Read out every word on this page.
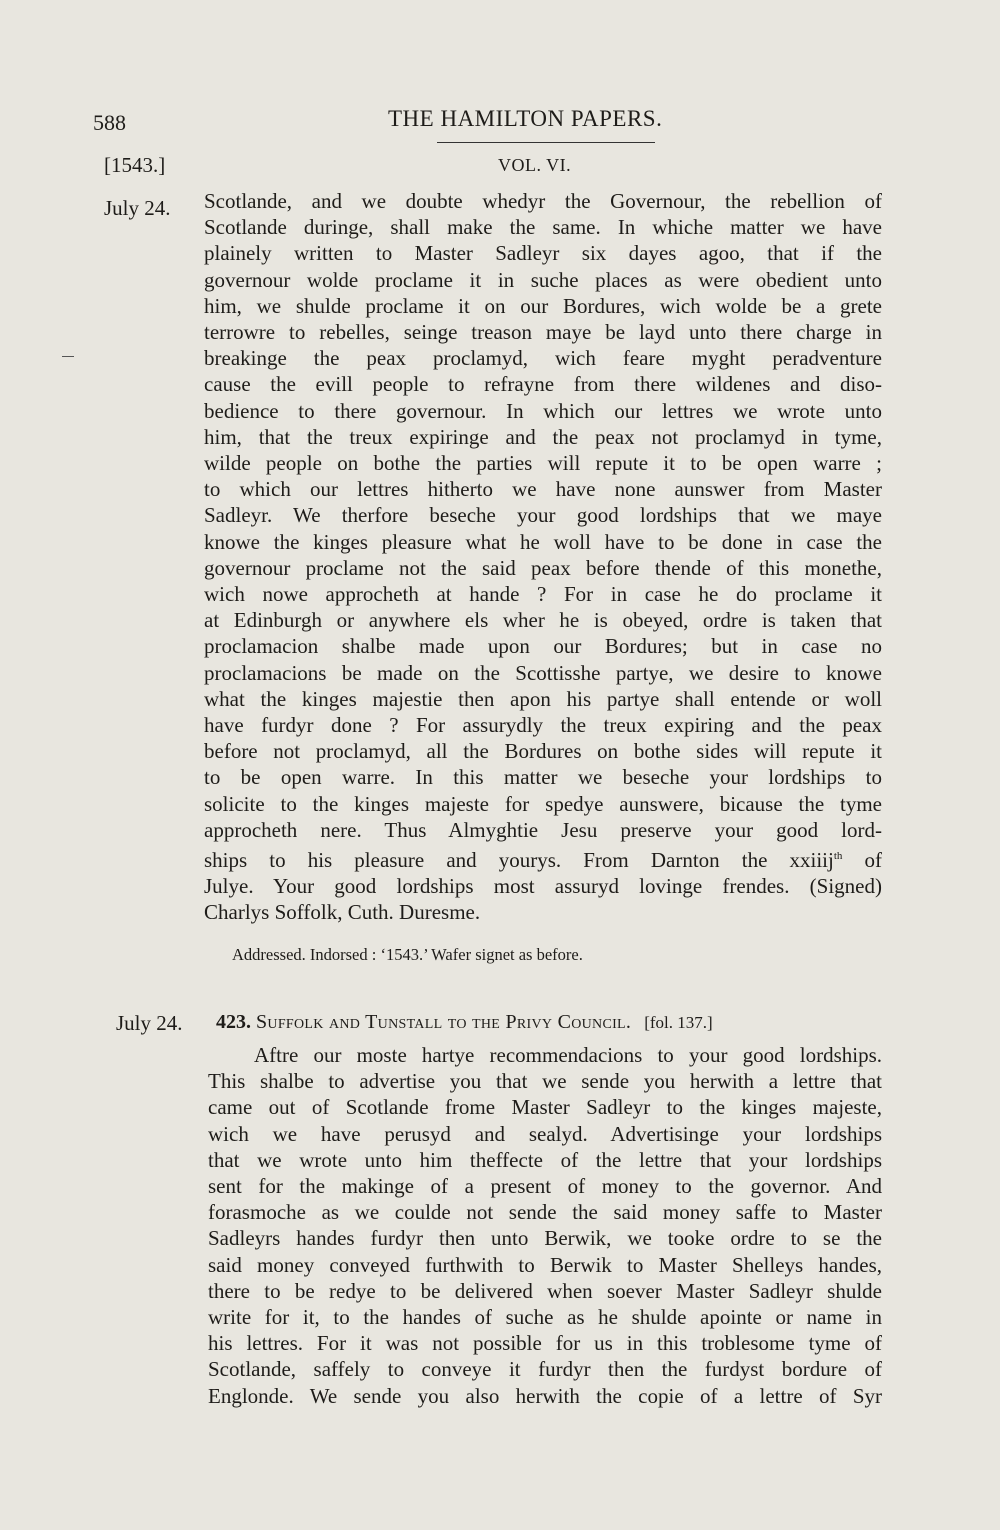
588	THE HAMILTON PAPERS.
[1543.]	VOL. VI.
July 24. Scotlande, and we doubte whedyr the Governour, the rebellion of
Scotlande duringe, shall make the same. In whiche matter we have
plainely written to Master Sadleyr six dayes agoo, that if the
governour wolde proclame it in suche places as were obedient unto
him, we shulde proclame it on our Bordures, wich wolde be a grete
terrowre to rebelles, seinge treason maye be layd unto there charge in
breakinge the peax proclamyd, wich feare myght peradventure
cause the evill people to refrayne from there wildenes and diso-
bedience to there governour. In which our lettres we wrote unto
him, that the treux expiringe and the peax not proclamyd in tyme,
wilde people on bothe the parties will repute it to be open warre ;
to which our lettres hitherto we have none aunswer from Master
Sadleyr. We therfore beseche your good lordships that we maye
knowe the kinges pleasure what he woll have to be done in case the
governour proclame not the said peax before thende of this monethe,
wich nowe approcheth at hande ? For in case he do proclame it
at Edinburgh or anywhere els wher he is obeyed, ordre is taken that
proclamacion shalbe made upon our Bordures; but in case no
proclamacions be made on the Scottisshe partye, we desire to knowe
what the kinges majestie then apon his partye shall entende or woll
have furdyr done ? For assurydly the treux expiring and the peax
before not proclamyd, all the Bordures on bothe sides will repute it
to be open warre. In this matter we beseche your lordships to
solicite to the kinges majeste for spedye aunswere, bicause the tyme
approcheth nere. Thus Almyghtie Jesu preserve your good lord-
ships to his pleasure and yourys. From Darnton the xxiiij$^{th}$ of
Julye. Your good lordships most assuryd lovinge frendes. (Signed)
Charlys Soffolk, Cuth. Duresme.
Addressed. Indorsed : ‘1543.’ Wafer signet as before.
July 24. 423. Suffolk and Tunstall to the Privy Council. [fol. 137.]
Aftre our moste hartye recommendacions to your good lordships.
This shalbe to advertise you that we sende you herwith a lettre that
came out of Scotlande frome Master Sadleyr to the kinges majeste,
wich we have perusyd and sealyd. Advertisinge your lordships
that we wrote unto him theffecte of the lettre that your lordships
sent for the makinge of a present of money to the governor. And
forasmoche as we coulde not sende the said money saffe to Master
Sadleyrs handes furdyr then unto Berwik, we tooke ordre to se the
said money conveyed furthwith to Berwik to Master Shelleys handes,
there to be redye to be delivered when soever Master Sadleyr shulde
write for it, to the handes of suche as he shulde apointe or name in
his lettres. For it was not possible for us in this troblesome tyme of
Scotlande, saffely to conveye it furdyr then the furdyst bordure of
Englonde. We sende you also herwith the copie of a lettre of Syr
